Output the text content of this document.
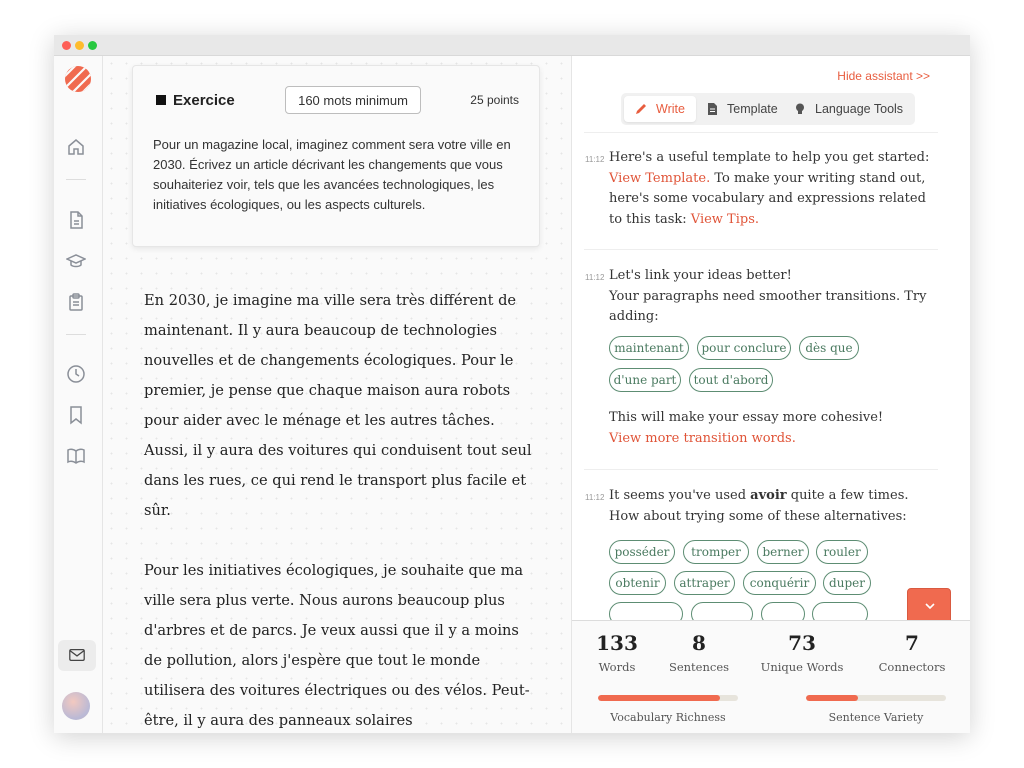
Exercice	160 mots minimum	25 points
Pour un magazine local, imaginez comment sera votre ville en 2030. Écrivez un article décrivant les changements que vous souhaiteriez voir, tels que les avancées technologiques, les initiatives écologiques, ou les aspects culturels.

En 2030, je imagine ma ville sera très différent de maintenant. Il y aura beaucoup de technologies nouvelles et de changements écologiques. Pour le premier, je pense que chaque maison aura robots pour aider avec le ménage et les autres tâches. Aussi, il y aura des voitures qui conduisent tout seul dans les rues, ce qui rend le transport plus facile et sûr.

Pour les initiatives écologiques, je souhaite que ma ville sera plus verte. Nous aurons beaucoup plus d'arbres et de parcs. Je veux aussi que il y a moins de pollution, alors j'espère que tout le monde utilisera des voitures électriques ou des vélos. Peut-être, il y aura des panneaux solaires

Hide assistant >>
Write	Template	Language Tools
11:12 Here's a useful template to help you get started: View Template. To make your writing stand out, here's some vocabulary and expressions related to this task: View Tips.
11:12 Let's link your ideas better!
Your paragraphs need smoother transitions. Try adding:
maintenant	pour conclure	dès que
d'une part	tout d'abord
This will make your essay more cohesive!
View more transition words.
11:12 It seems you've used avoir quite a few times. How about trying some of these alternatives:
posséder	tromper	berner	rouler
obtenir	attraper	conquérir	duper
133
Words
8
Sentences
73
Unique Words
7
Connectors
Vocabulary Richness	Sentence Variety
